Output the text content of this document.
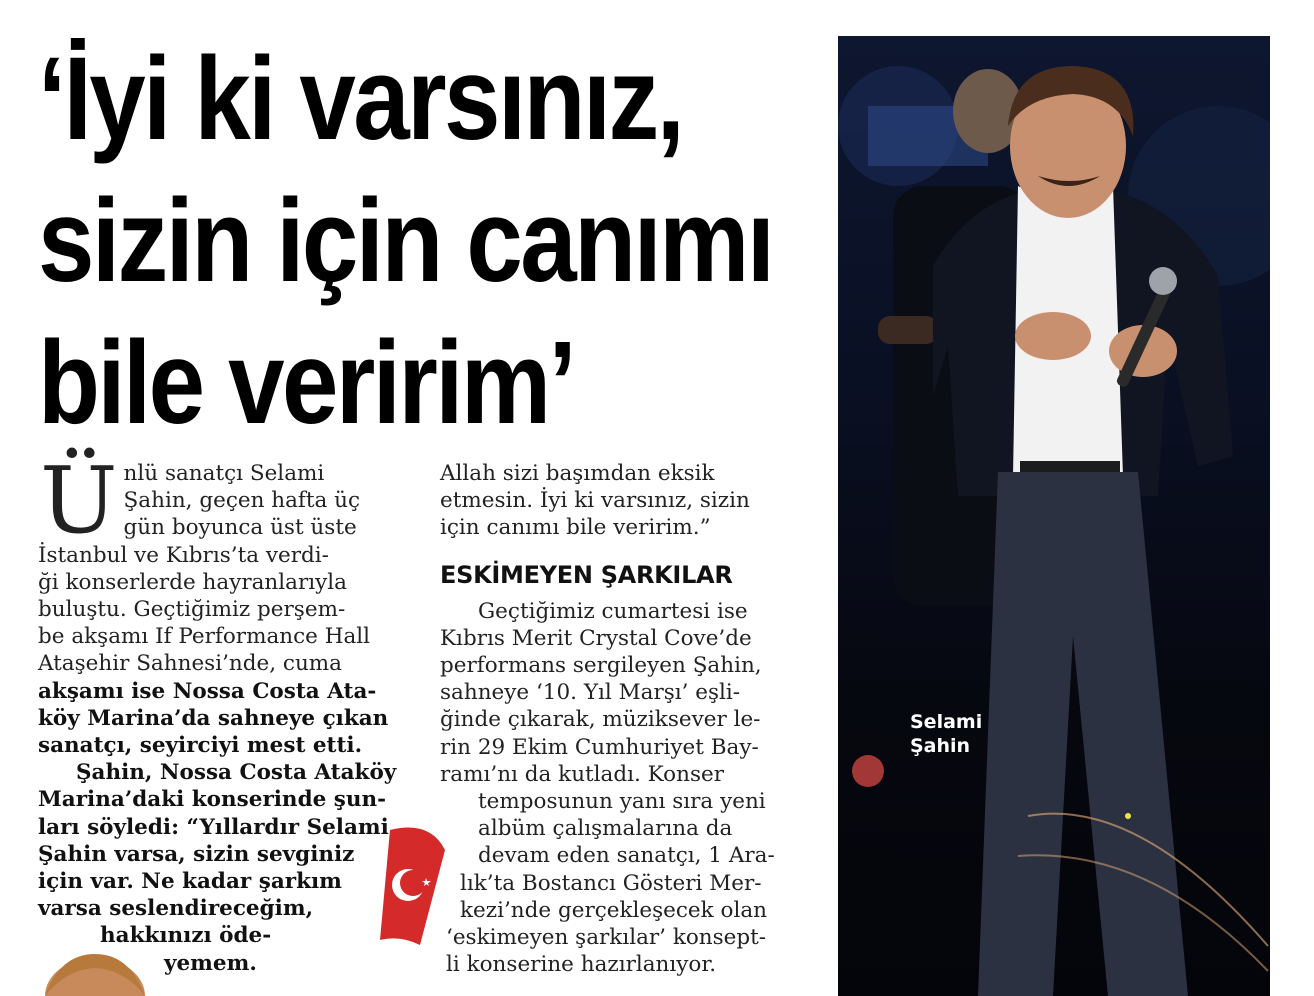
‘İyi ki varsınız,
sizin için canımı
bile veririm’
Selami
Şahin
Ü nlü sanatçı Selami

Şahin, geçen hafta üç

gün boyunca üst üste

İstanbul ve Kıbrıs’ta verdi-

ği konserlerde hayranlarıyla

buluştu. Geçtiğimiz perşem-

be akşamı If Performance Hall

Ataşehir Sahnesi’nde, cuma

akşamı ise Nossa Costa Ata-

köy Marina’da sahneye çıkan

sanatçı, seyirciyi mest etti.

Şahin, Nossa Costa Ataköy

Marina’daki konserinde şun-

ları söyledi: “Yıllardır Selami

Şahin varsa, sizin sevginiz

için var. Ne kadar şarkım

varsa seslendireceğim,

hakkınızı öde-

yemem.

Allah sizi başımdan eksik

etmesin. İyi ki varsınız, sizin

için canımı bile veririm.”

ESKİMEYEN ŞARKILAR

Geçtiğimiz cumartesi ise

Kıbrıs Merit Crystal Cove’de

performans sergileyen Şahin,

sahneye ‘10. Yıl Marşı’ eşli-

ğinde çıkarak, müziksever le-

rin 29 Ekim Cumhuriyet Bay-

ramı’nı da kutladı. Konser

temposunun yanı sıra yeni

albüm çalışmalarına da

devam eden sanatçı, 1 Ara-

lık’ta Bostancı Gösteri Mer-

kezi’nde gerçekleşecek olan

‘eskimeyen şarkılar’ konsept-

li konserine hazırlanıyor.
